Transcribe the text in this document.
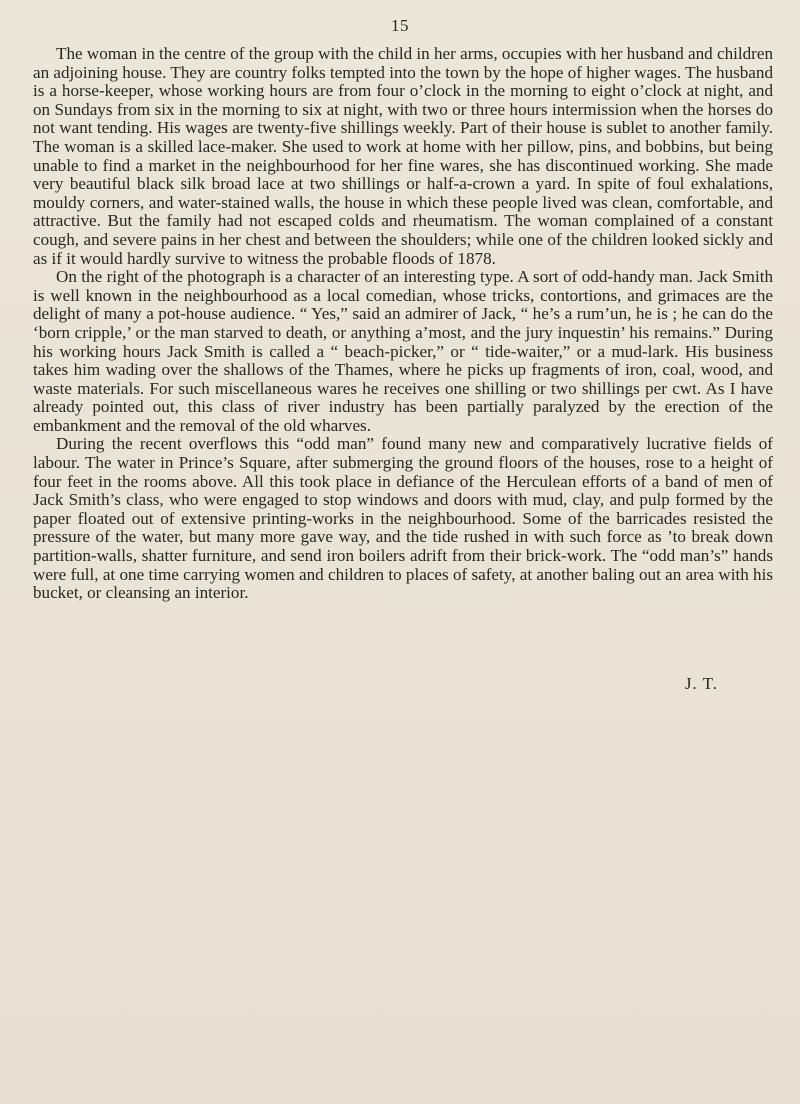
15

The woman in the centre of the group with the child in her arms, occupies with her husband and children an adjoining house. They are country folks tempted into the town by the hope of higher wages. The husband is a horse-keeper, whose working hours are from four o’clock in the morning to eight o’clock at night, and on Sundays from six in the morning to six at night, with two or three hours intermission when the horses do not want tending. His wages are twenty-five shillings weekly. Part of their house is sublet to another family. The woman is a skilled lace-maker. She used to work at home with her pillow, pins, and bobbins, but being unable to find a market in the neighbourhood for her fine wares, she has discontinued working. She made very beautiful black silk broad lace at two shillings or half-a-crown a yard. In spite of foul exhalations, mouldy corners, and water-stained walls, the house in which these people lived was clean, comfortable, and attractive. But the family had not escaped colds and rheumatism. The woman complained of a constant cough, and severe pains in her chest and between the shoulders; while one of the children looked sickly and as if it would hardly survive to witness the probable floods of 1878.

On the right of the photograph is a character of an interesting type. A sort of odd-handy man. Jack Smith is well known in the neighbourhood as a local comedian, whose tricks, contortions, and grimaces are the delight of many a pot-house audience. “ Yes,” said an admirer of Jack, “ he’s a rum’un, he is ; he can do the ‘born cripple,’ or the man starved to death, or anything a’most, and the jury inquestin’ his remains.” During his working hours Jack Smith is called a “ beach-picker,” or “ tide-waiter,” or a mud-lark. His business takes him wading over the shallows of the Thames, where he picks up fragments of iron, coal, wood, and waste materials. For such miscellaneous wares he receives one shilling or two shillings per cwt. As I have already pointed out, this class of river industry has been partially paralyzed by the erection of the embankment and the removal of the old wharves.

During the recent overflows this “odd man” found many new and comparatively lucrative fields of labour. The water in Prince’s Square, after submerging the ground floors of the houses, rose to a height of four feet in the rooms above. All this took place in defiance of the Herculean efforts of a band of men of Jack Smith’s class, who were engaged to stop windows and doors with mud, clay, and pulp formed by the paper floated out of extensive printing-works in the neighbourhood. Some of the barricades resisted the pressure of the water, but many more gave way, and the tide rushed in with such force as ’to break down partition-walls, shatter furniture, and send iron boilers adrift from their brick-work. The “odd man’s” hands were full, at one time carrying women and children to places of safety, at another baling out an area with his bucket, or cleansing an interior.

J. T.
